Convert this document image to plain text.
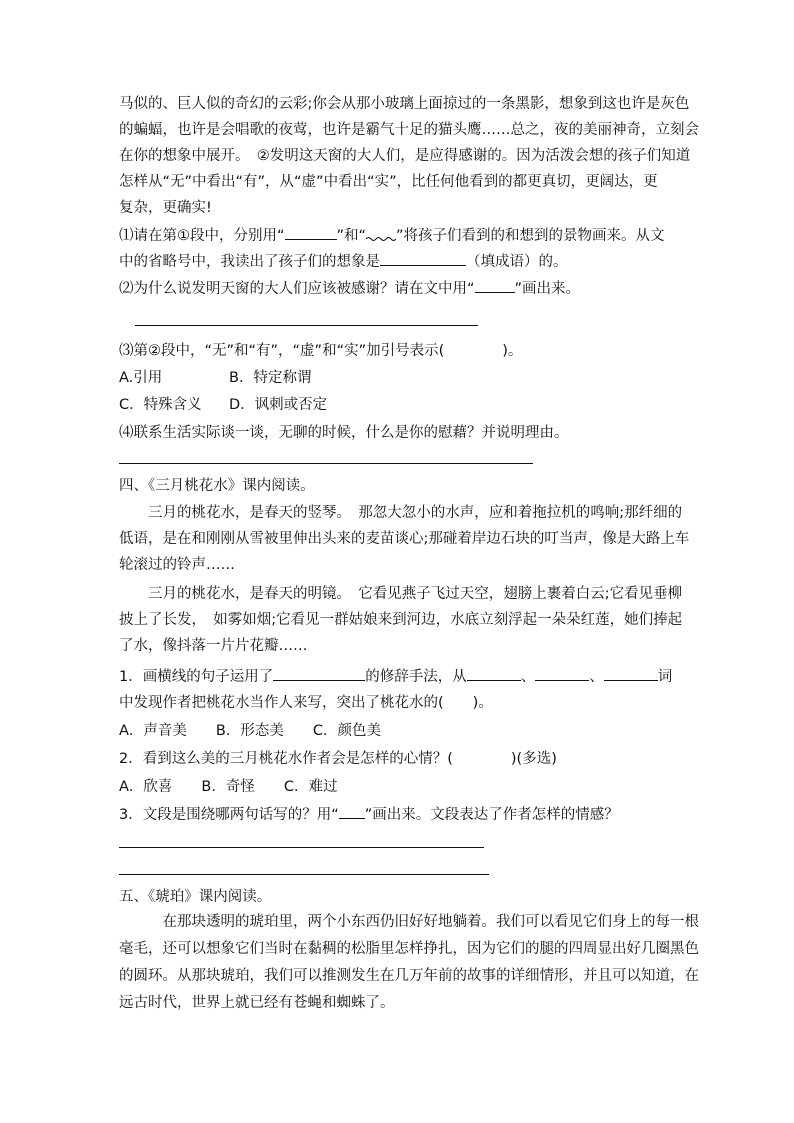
马似的、巨人似的奇幻的云彩;你会从那小玻璃上面掠过的一条黑影，想象到这也许是灰色
的蝙蝠，也许是会唱歌的夜莺，也许是霸气十足的猫头鹰……总之，夜的美丽神奇，立刻会
在你的想象中展开。　②发明这天窗的大人们，是应得感谢的。因为活泼会想的孩子们知道
怎样从“无”中看出“有”，从“虚”中看出“实”，比任何他看到的都更真切，更阔达，更
复杂，更确实!
⑴请在第①段中，分别用“	”和“ ”将孩子们看到的和想到的景物画来。从文
中的省略号中，我读出了孩子们的想象是	（填成语）的。
⑵为什么说发明天窗的大人们应该被感谢？请在文中用“	”画出来。
⑶第②段中，“无”和“有”，“虚”和“实”加引号表示(　　　　)。
A.引用	B．特定称谓
C．特殊含义 D．讽刺或否定
⑷联系生活实际谈一谈，无聊的时候，什么是你的慰藉？并说明理由。
四、《三月桃花水》课内阅读。
　　三月的桃花水，是春天的竖琴。　那忽大忽小的水声，应和着拖拉机的鸣响;那纤细的
低语，是在和刚刚从雪被里伸出头来的麦苗谈心;那碰着岸边石块的叮当声，像是大路上车
轮滚过的铃声……
　　三月的桃花水，是春天的明镜。　它看见燕子飞过天空，翅膀上裹着白云;它看见垂柳
披上了长发，　如雾如烟;它看见一群姑娘来到河边，水底立刻浮起一朵朵红莲，她们捧起
了水，像抖落一片片花瓣……
1．画横线的句子运用了	的修辞手法，从	、	、	词
中发现作者把桃花水当作人来写，突出了桃花水的(　　)。
A．声音美　　B．形态美　　C．颜色美
2．看到这么美的三月桃花水作者会是怎样的心情？(　　　　)(多选)
A．欣喜　　B．奇怪　　C．难过
3．文段是围绕哪两句话写的？用“ ”画出来。文段表达了作者怎样的情感？
五、《琥珀》课内阅读。
　　　在那块透明的琥珀里，两个小东西仍旧好好地躺着。我们可以看见它们身上的每一根
毫毛，还可以想象它们当时在黏稠的松脂里怎样挣扎，因为它们的腿的四周显出好几圈黑色
的圆环。从那块琥珀，我们可以推测发生在几万年前的故事的详细情形，并且可以知道，在
远古时代，世界上就已经有苍蝇和蜘蛛了。
